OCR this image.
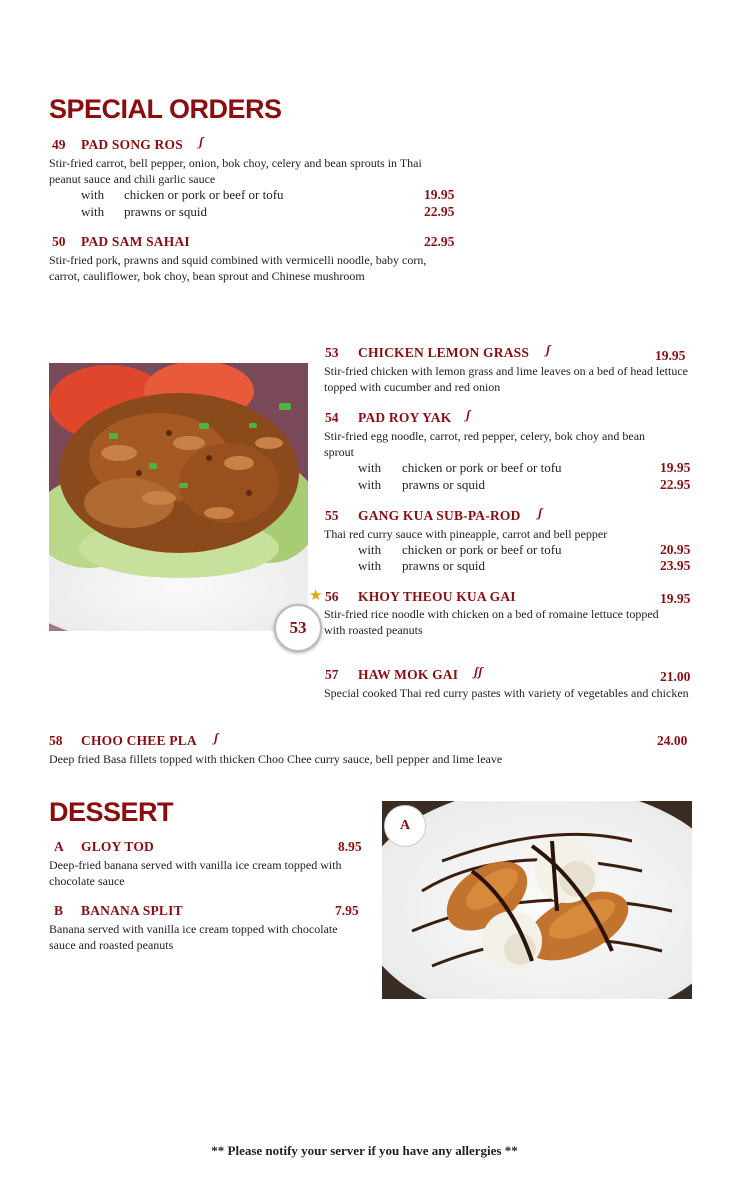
SPECIAL ORDERS
49 PAD SONG ROS ʃ
Stir-fried carrot, bell pepper, onion, bok choy, celery and bean sprouts in Thai peanut sauce and chili garlic sauce
with chicken or pork or beef or tofu	19.95
with prawns or squid	22.95
50 PAD SAM SAHAI	22.95
Stir-fried pork, prawns and squid combined with vermicelli noodle, baby corn, carrot, cauliflower, bok choy, bean sprout and Chinese mushroom
53
53 CHICKEN LEMON GRASS ʃ	19.95
Stir-fried chicken with lemon grass and lime leaves on a bed of head lettuce topped with cucumber and red onion
54 PAD ROY YAK ʃ
Stir-fried egg noodle, carrot, red pepper, celery, bok choy and bean sprout
with chicken or pork or beef or tofu	19.95
with prawns or squid	22.95
55 GANG KUA SUB-PA-ROD ʃ
Thai red curry sauce with pineapple, carrot and bell pepper
with chicken or pork or beef or tofu	20.95
with prawns or squid	23.95
★ 56 KHOY THEOU KUA GAI	19.95
Stir-fried rice noodle with chicken on a bed of romaine lettuce topped with roasted peanuts
57 HAW MOK GAI ʃʃ	21.00
Special cooked Thai red curry pastes with variety of vegetables and chicken
58 CHOO CHEE PLA ʃ	24.00
Deep fried Basa fillets topped with thicken Choo Chee curry sauce, bell pepper and lime leave
DESSERT
A GLOY TOD	8.95
Deep-fried banana served with vanilla ice cream topped with chocolate sauce
B BANANA SPLIT	7.95
Banana served with vanilla ice cream topped with chocolate sauce and roasted peanuts
A
** Please notify your server if you have any allergies **
